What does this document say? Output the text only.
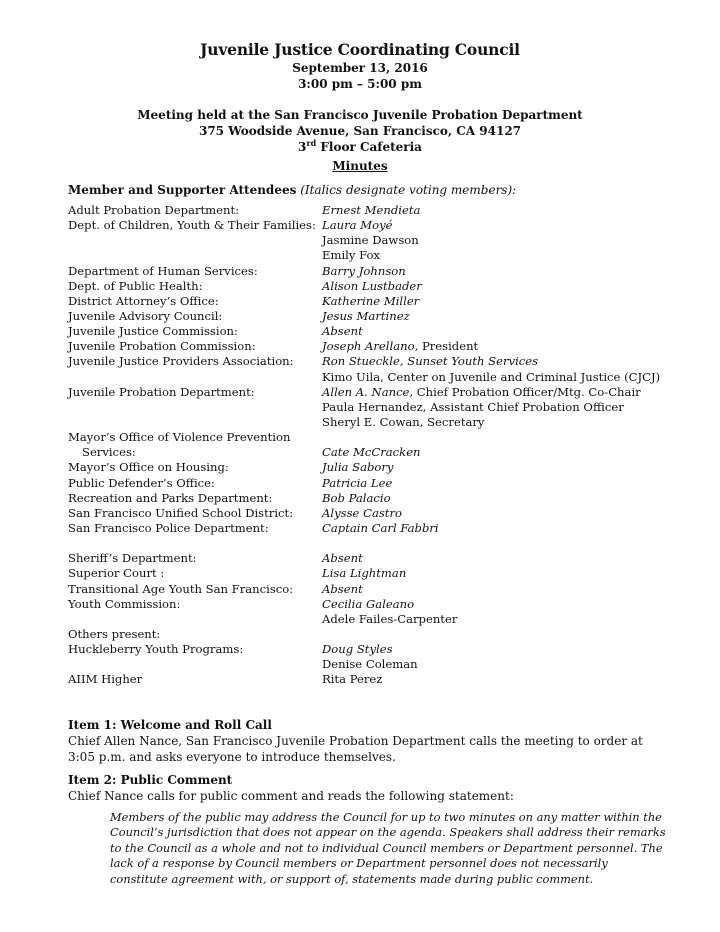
Juvenile Justice Coordinating Council
September 13, 2016
3:00 pm – 5:00 pm
Meeting held at the San Francisco Juvenile Probation Department
375 Woodside Avenue, San Francisco, CA 94127
3rd Floor Cafeteria
Minutes
Member and Supporter Attendees (Italics designate voting members):
Adult Probation Department:	Ernest Mendieta
Dept. of Children, Youth & Their Families: Laura Moyé
Jasmine Dawson
Emily Fox
Department of Human Services:	Barry Johnson
Dept. of Public Health:	Alison Lustbader
District Attorney’s Office:	Katherine Miller
Juvenile Advisory Council:	Jesus Martinez
Juvenile Justice Commission:	Absent
Juvenile Probation Commission:	Joseph Arellano, President
Juvenile Justice Providers Association: Ron Stueckle, Sunset Youth Services
Kimo Uila, Center on Juvenile and Criminal Justice (CJCJ)
Juvenile Probation Department:	Allen A. Nance, Chief Probation Officer/Mtg. Co-Chair
Paula Hernandez, Assistant Chief Probation Officer
Sheryl E. Cowan, Secretary
Mayor’s Office of Violence Prevention
Services:	Cate McCracken
Mayor’s Office on Housing:	Julia Sabory
Public Defender’s Office:	Patricia Lee
Recreation and Parks Department:	Bob Palacio
San Francisco Unified School District: Alysse Castro
San Francisco Police Department:	Captain Carl Fabbri
Sheriff’s Department:	Absent
Superior Court :	Lisa Lightman
Transitional Age Youth San Francisco: Absent
Youth Commission:	Cecilia Galeano
Adele Failes-Carpenter
Others present:
Huckleberry Youth Programs:	Doug Styles
Denise Coleman
AIIM Higher	Rita Perez
Item 1: Welcome and Roll Call

Chief Allen Nance, San Francisco Juvenile Probation Department calls the meeting to order at 3:05 p.m. and asks everyone to introduce themselves.

Item 2: Public Comment

Chief Nance calls for public comment and reads the following statement:

Members of the public may address the Council for up to two minutes on any matter within the Council’s jurisdiction that does not appear on the agenda. Speakers shall address their remarks to the Council as a whole and not to individual Council members or Department personnel. The lack of a response by Council members or Department personnel does not necessarily constitute agreement with, or support of, statements made during public comment.
